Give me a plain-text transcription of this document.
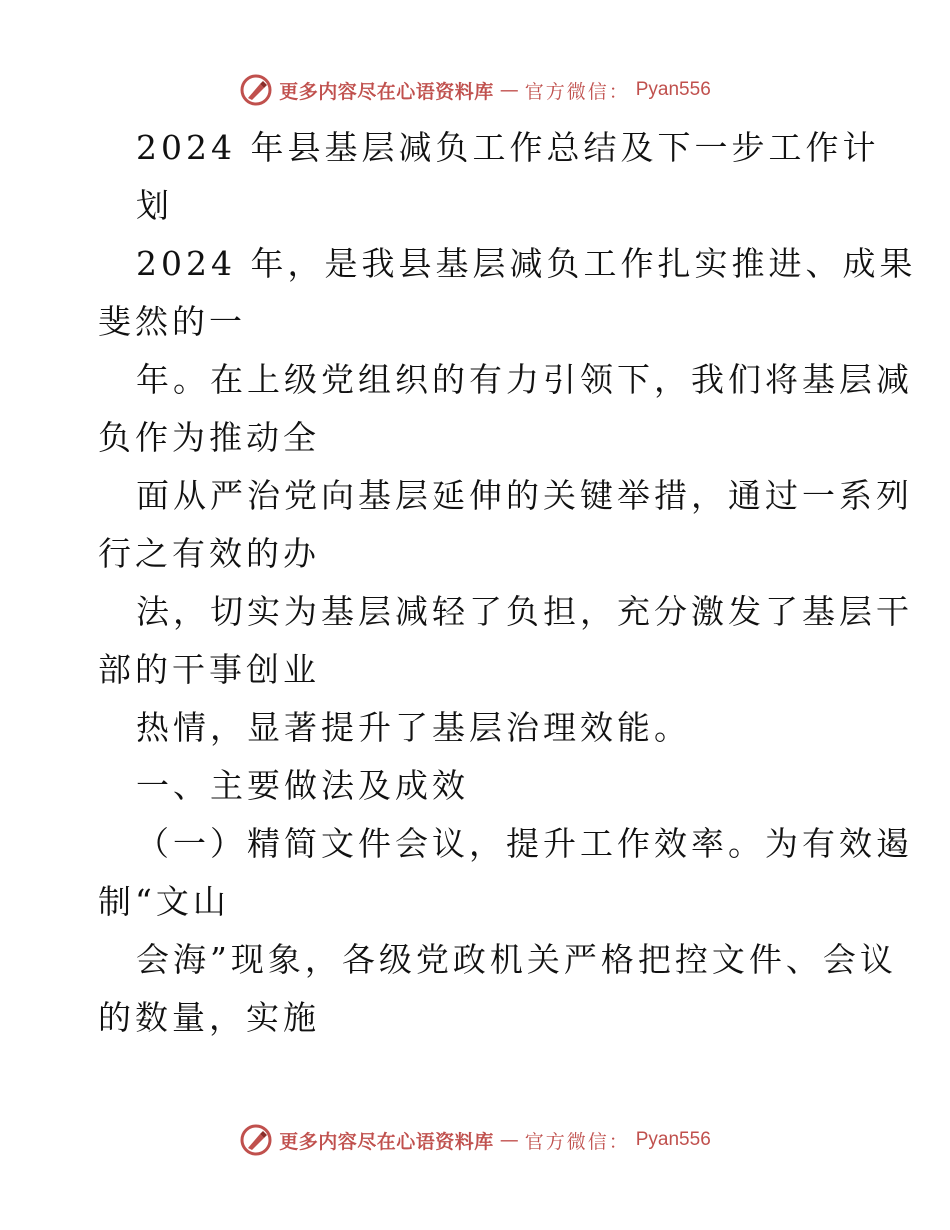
更多内容尽在心语资料库 — 官方微信： Pyan556
2024 年县基层减负工作总结及下一步工作计
划
2024 年，是我县基层减负工作扎实推进、成果
斐然的一
年。在上级党组织的有力引领下，我们将基层减
负作为推动全
面从严治党向基层延伸的关键举措，通过一系列
行之有效的办
法，切实为基层减轻了负担，充分激发了基层干
部的干事创业
热情，显著提升了基层治理效能。
一、主要做法及成效
（一）精简文件会议，提升工作效率。为有效遏
制“文山
会海”现象，各级党政机关严格把控文件、会议
的数量，实施
更多内容尽在心语资料库 — 官方微信： Pyan556
